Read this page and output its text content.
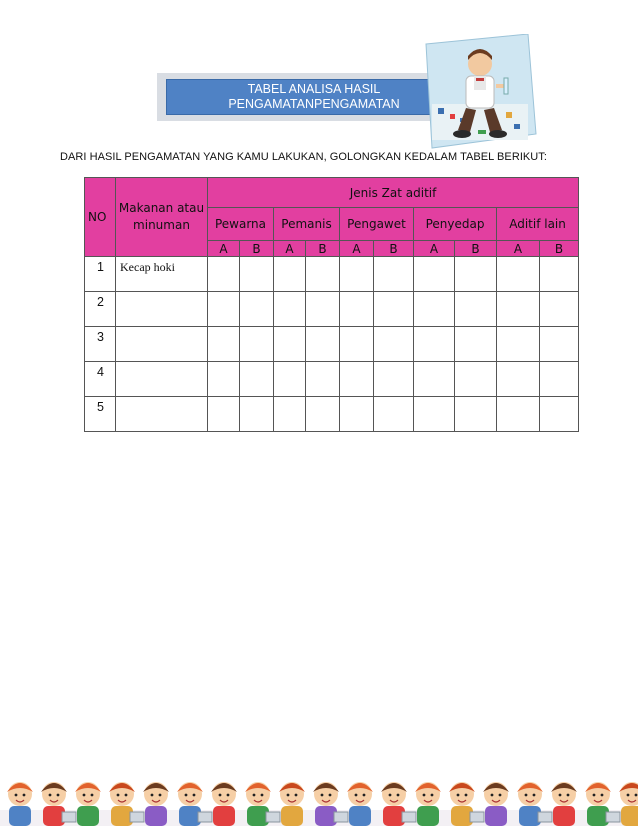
TABEL ANALISA HASIL
PENGAMATANPENGAMATAN
DARI HASIL PENGAMATAN YANG KAMU LAKUKAN, GOLONGKAN KEDALAM TABEL BERIKUT:
NO	Makanan atau minuman	Jenis Zat aditif									
		Pewarna		Pemanis		Pengawet		Penyedap		Aditif lain	
		A	B	A	B	A	B	A	B	A	B
1	Kecap hoki										
2											
3											
4											
5											
